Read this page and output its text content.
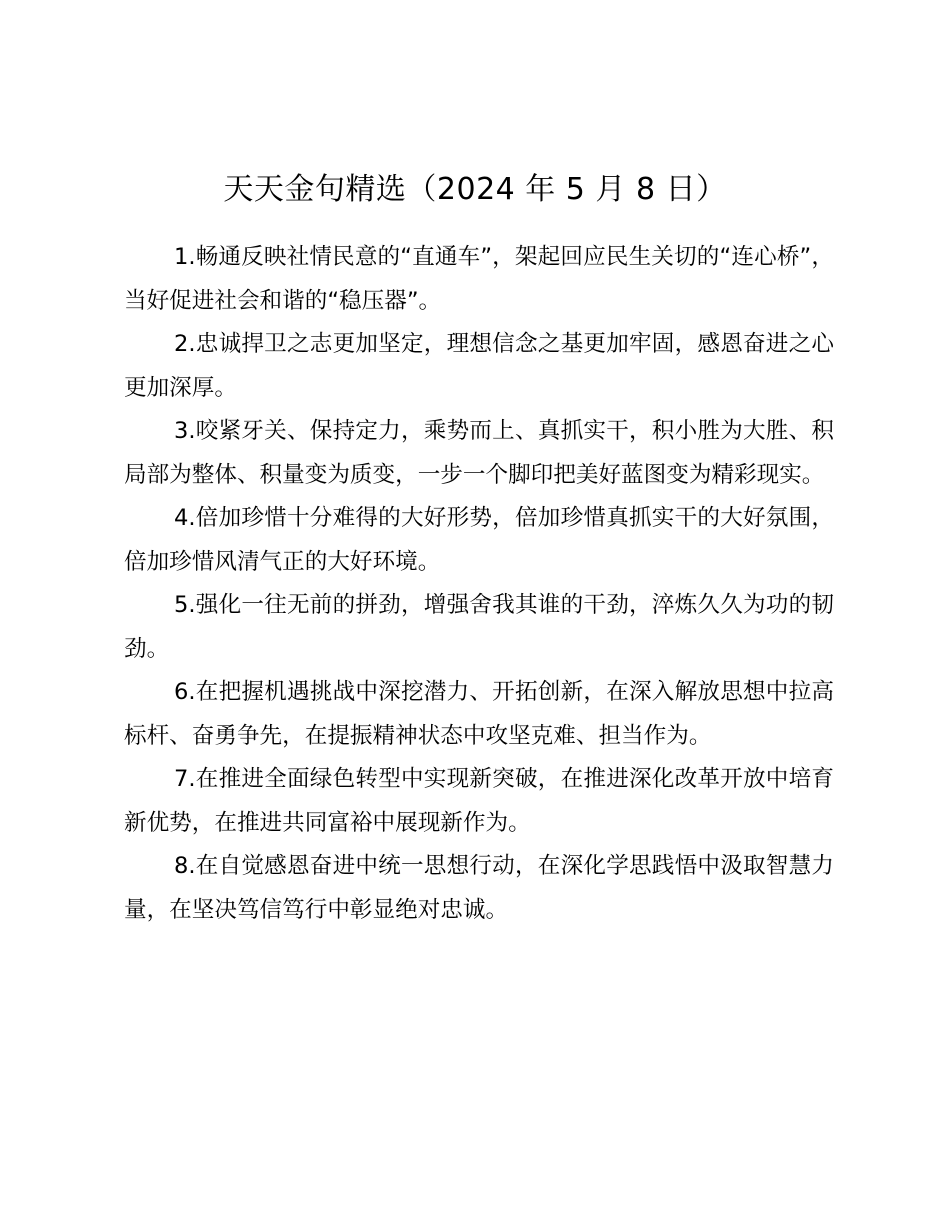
天天金句精选（2024 年 5 月 8 日）

1.畅通反映社情民意的“直通车”，架起回应民生关切的“连心桥”，当好促进社会和谐的“稳压器”。

2.忠诚捍卫之志更加坚定，理想信念之基更加牢固，感恩奋进之心更加深厚。

3.咬紧牙关、保持定力，乘势而上、真抓实干，积小胜为大胜、积局部为整体、积量变为质变，一步一个脚印把美好蓝图变为精彩现实。

4.倍加珍惜十分难得的大好形势，倍加珍惜真抓实干的大好氛围，倍加珍惜风清气正的大好环境。

5.强化一往无前的拼劲，增强舍我其谁的干劲，淬炼久久为功的韧劲。

6.在把握机遇挑战中深挖潜力、开拓创新，在深入解放思想中拉高标杆、奋勇争先，在提振精神状态中攻坚克难、担当作为。

7.在推进全面绿色转型中实现新突破，在推进深化改革开放中培育新优势，在推进共同富裕中展现新作为。

8.在自觉感恩奋进中统一思想行动，在深化学思践悟中汲取智慧力量，在坚决笃信笃行中彰显绝对忠诚。
